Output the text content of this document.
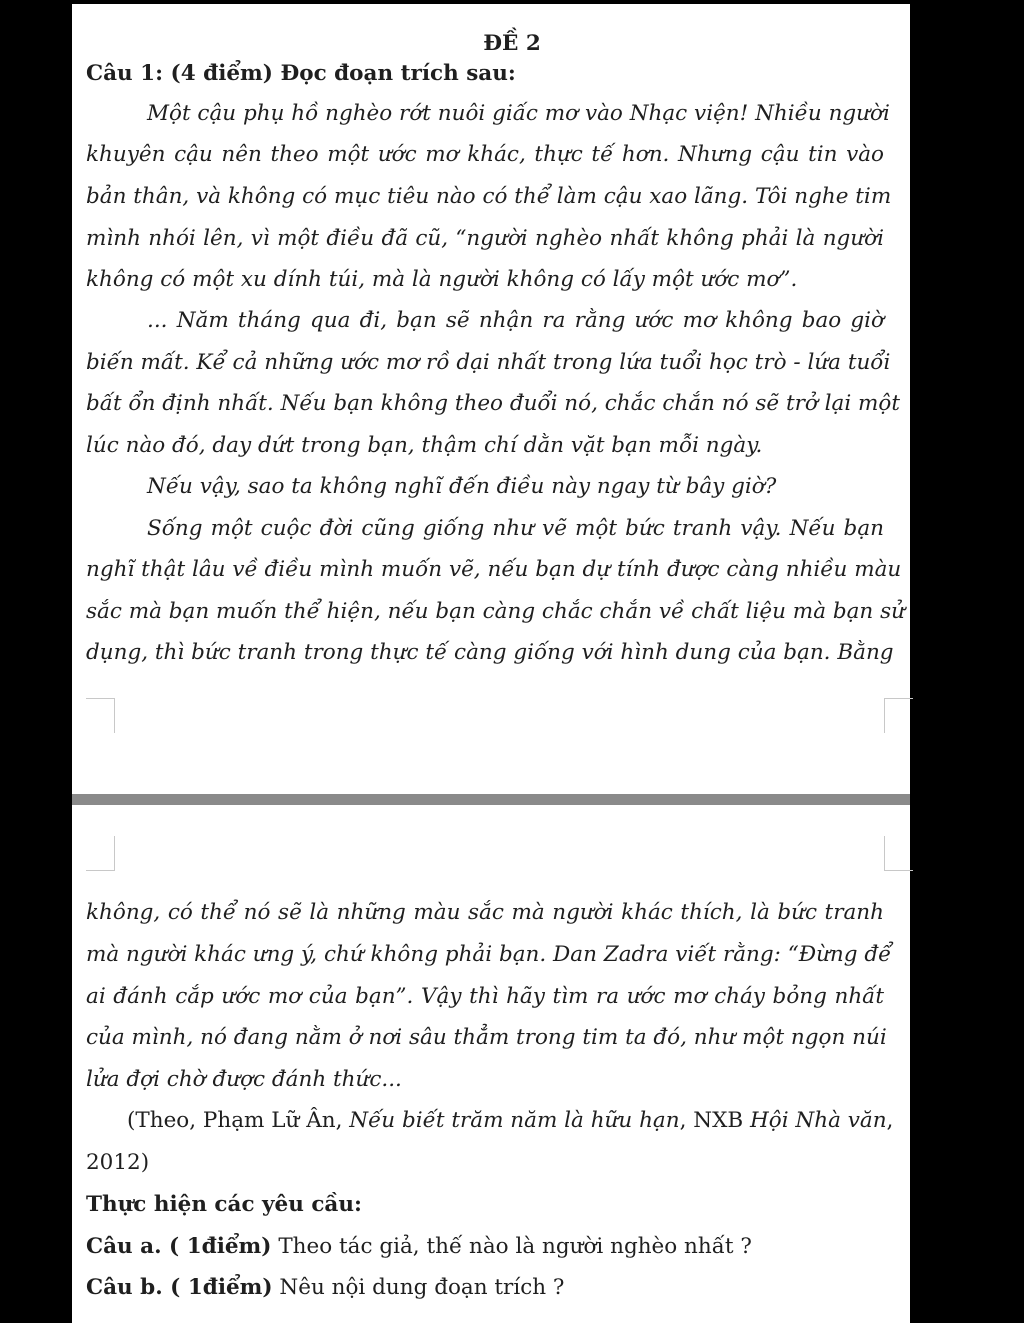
ĐỀ 2
Câu 1: (4 điểm) Đọc đoạn trích sau:
Một cậu phụ hồ nghèo rớt nuôi giấc mơ vào Nhạc viện! Nhiều người
khuyên cậu nên theo một ước mơ khác, thực tế hơn. Nhưng cậu tin vào
bản thân, và không có mục tiêu nào có thể làm cậu xao lãng. Tôi nghe tim
mình nhói lên, vì một điều đã cũ, “người nghèo nhất không phải là người
không có một xu dính túi, mà là người không có lấy một ước mơ”.
... Năm tháng qua đi, bạn sẽ nhận ra rằng ước mơ không bao giờ
biến mất. Kể cả những ước mơ rồ dại nhất trong lứa tuổi học trò - lứa tuổi
bất ổn định nhất. Nếu bạn không theo đuổi nó, chắc chắn nó sẽ trở lại một
lúc nào đó, day dứt trong bạn, thậm chí dằn vặt bạn mỗi ngày.
Nếu vậy, sao ta không nghĩ đến điều này ngay từ bây giờ?
Sống một cuộc đời cũng giống như vẽ một bức tranh vậy. Nếu bạn
nghĩ thật lâu về điều mình muốn vẽ, nếu bạn dự tính được càng nhiều màu
sắc mà bạn muốn thể hiện, nếu bạn càng chắc chắn về chất liệu mà bạn sử
dụng, thì bức tranh trong thực tế càng giống với hình dung của bạn. Bằng
không, có thể nó sẽ là những màu sắc mà người khác thích, là bức tranh
mà người khác ưng ý, chứ không phải bạn. Dan Zadra viết rằng: “Đừng để
ai đánh cắp ước mơ của bạn”. Vậy thì hãy tìm ra ước mơ cháy bỏng nhất
của mình, nó đang nằm ở nơi sâu thẳm trong tim ta đó, như một ngọn núi
lửa đợi chờ được đánh thức...
(Theo, Phạm Lữ Ân, Nếu biết trăm năm là hữu hạn, NXB Hội Nhà văn,
2012)
Thực hiện các yêu cầu:
Câu a. ( 1điểm) Theo tác giả, thế nào là người nghèo nhất ?
Câu b. ( 1điểm) Nêu nội dung đoạn trích ?
